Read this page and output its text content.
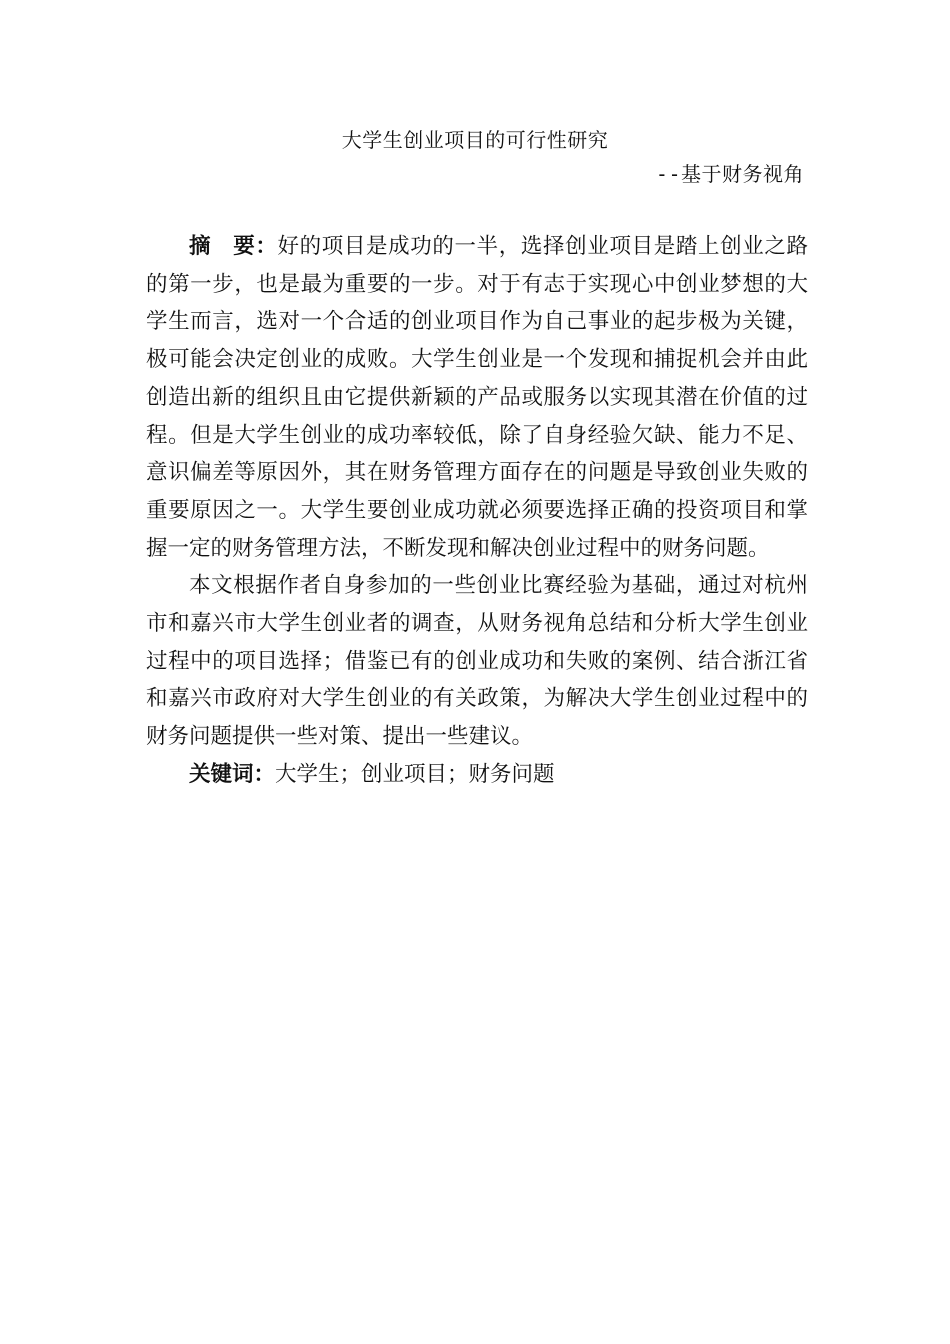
大学生创业项目的可行性研究
--基于财务视角

摘　要：好的项目是成功的一半，选择创业项目是踏上创业之路的第一步，也是最为重要的一步。对于有志于实现心中创业梦想的大学生而言，选对一个合适的创业项目作为自己事业的起步极为关键，极可能会决定创业的成败。大学生创业是一个发现和捕捉机会并由此创造出新的组织且由它提供新颖的产品或服务以实现其潜在价值的过程。但是大学生创业的成功率较低，除了自身经验欠缺、能力不足、意识偏差等原因外，其在财务管理方面存在的问题是导致创业失败的重要原因之一。大学生要创业成功就必须要选择正确的投资项目和掌握一定的财务管理方法，不断发现和解决创业过程中的财务问题。

本文根据作者自身参加的一些创业比赛经验为基础，通过对杭州市和嘉兴市大学生创业者的调查，从财务视角总结和分析大学生创业过程中的项目选择；借鉴已有的创业成功和失败的案例、结合浙江省和嘉兴市政府对大学生创业的有关政策，为解决大学生创业过程中的财务问题提供一些对策、提出一些建议。

关键词：大学生；创业项目；财务问题
